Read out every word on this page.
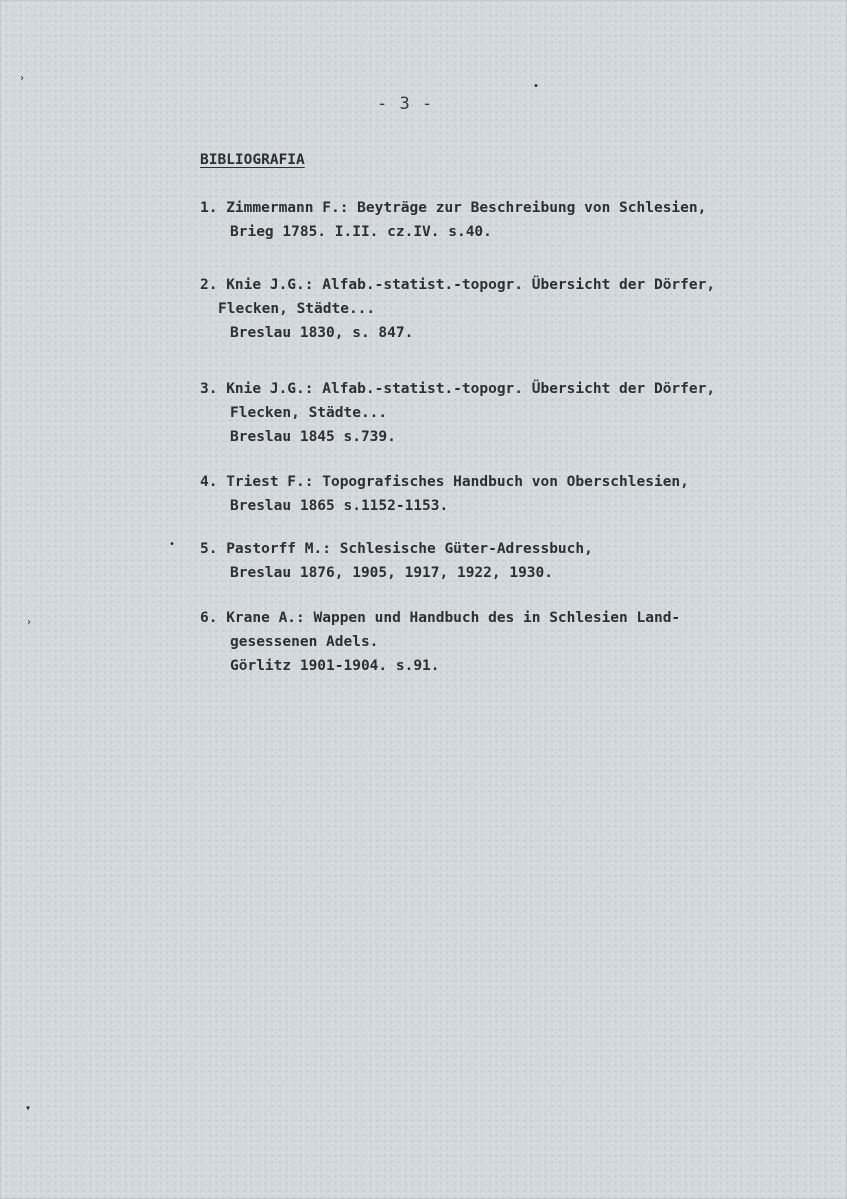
- 3 -
BIBLIOGRAFIA
1. Zimmermann F.: Beyträge zur Beschreibung von Schlesien,
Brieg 1785. I.II. cz.IV. s.40.
2. Knie J.G.: Alfab.-statist.-topogr. Übersicht der Dörfer,
Flecken, Städte...
Breslau 1830, s. 847.
3. Knie J.G.: Alfab.-statist.-topogr. Übersicht der Dörfer,
Flecken, Städte...
Breslau 1845 s.739.
4. Triest F.: Topografisches Handbuch von Oberschlesien,
Breslau 1865 s.1152-1153.
5. Pastorff M.: Schlesische Güter-Adressbuch,
Breslau 1876, 1905, 1917, 1922, 1930.
6. Krane A.: Wappen und Handbuch des in Schlesien Land-
gesessenen Adels.
Görlitz 1901-1904. s.91.
›
•
•
›
▾
